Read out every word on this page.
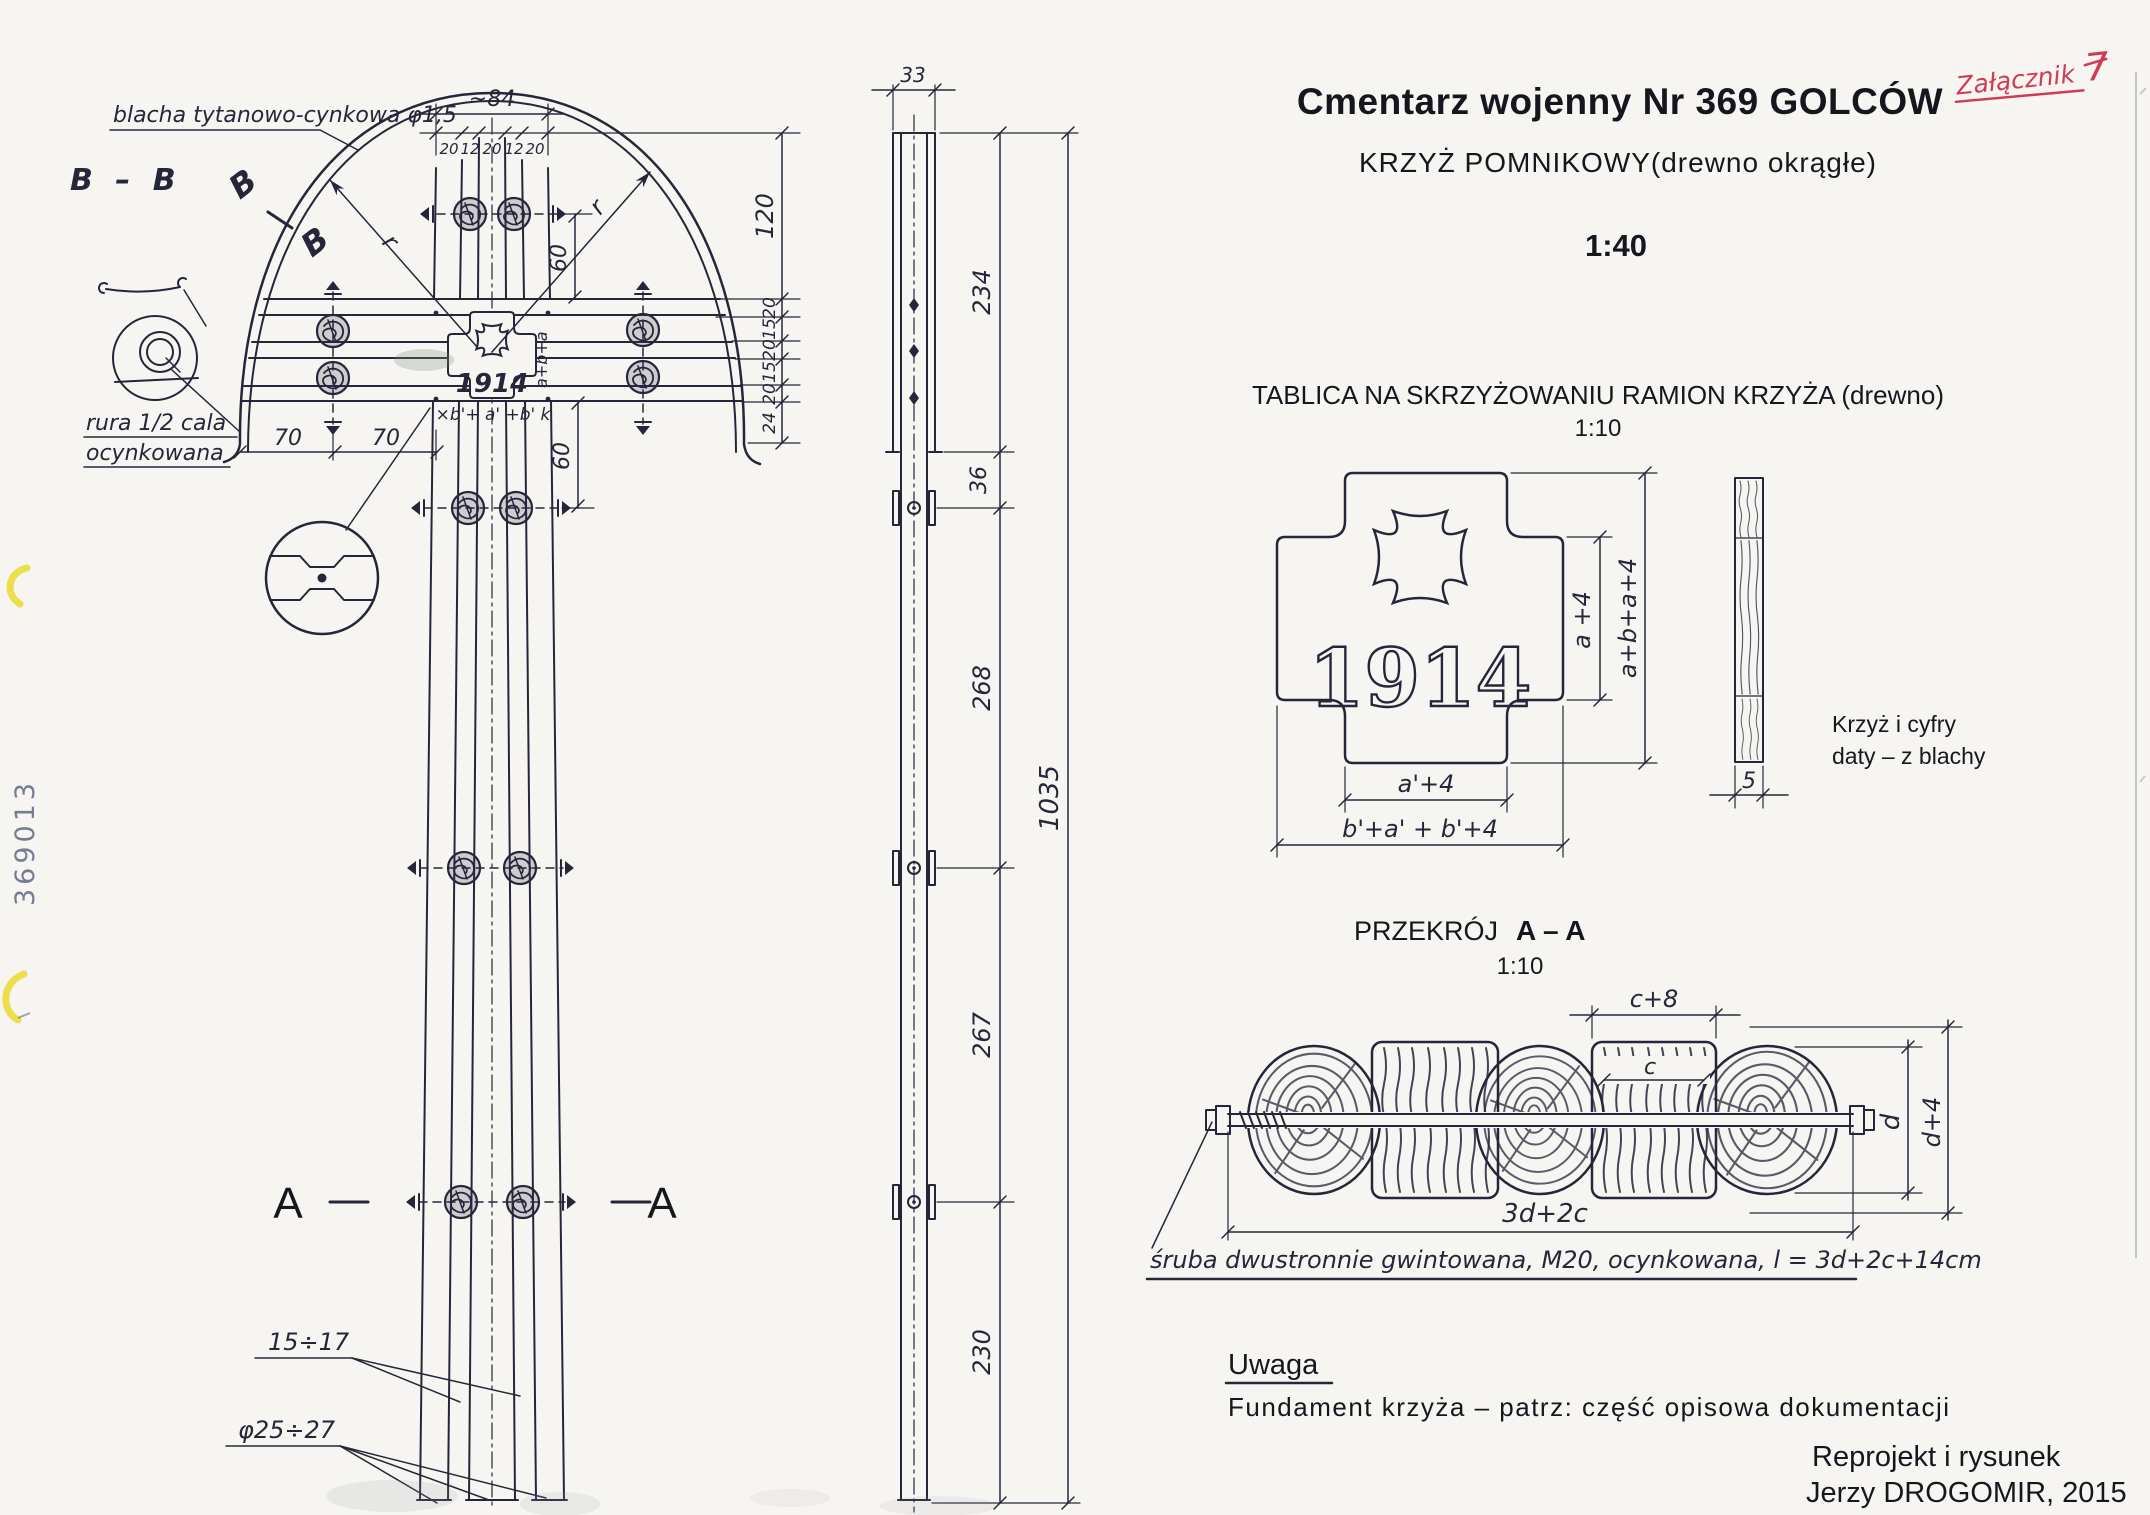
1914
r
r
~84
20 12 20 12 20
120
20
15
20
15
20
24
60
60
70	70
×b'+ a' +b' k
a+b+a
blacha tytanowo-cynkowa φ1,5
B – B B
B
rura 1/2 cala
ocynkowana
A	A
15÷17
φ25÷27
33
234
36
268
267
230
1035
Cmentarz wojenny Nr 369 GOLCÓW
KRZYŻ POMNIKOWY(drewno okrągłe)
1:40
Załącznik 7
TABLICA NA SKRZYŻOWANIU RAMION KRZYŻA (drewno)
1:10
1914
a +4 a+b+a+4
a'+4
b'+a' + b'+4
5
Krzyż i cyfry
daty – z blachy
PRZEKRÓJ A – A
1:10
c+8
c
d d+4
3d+2c
śruba dwustronnie gwintowana, M20, ocynkowana, l = 3d+2c+14cm
Uwaga
Fundament krzyża – patrz: część opisowa dokumentacji
Reprojekt i rysunek
Jerzy DROGOMIR, 2015
369013
